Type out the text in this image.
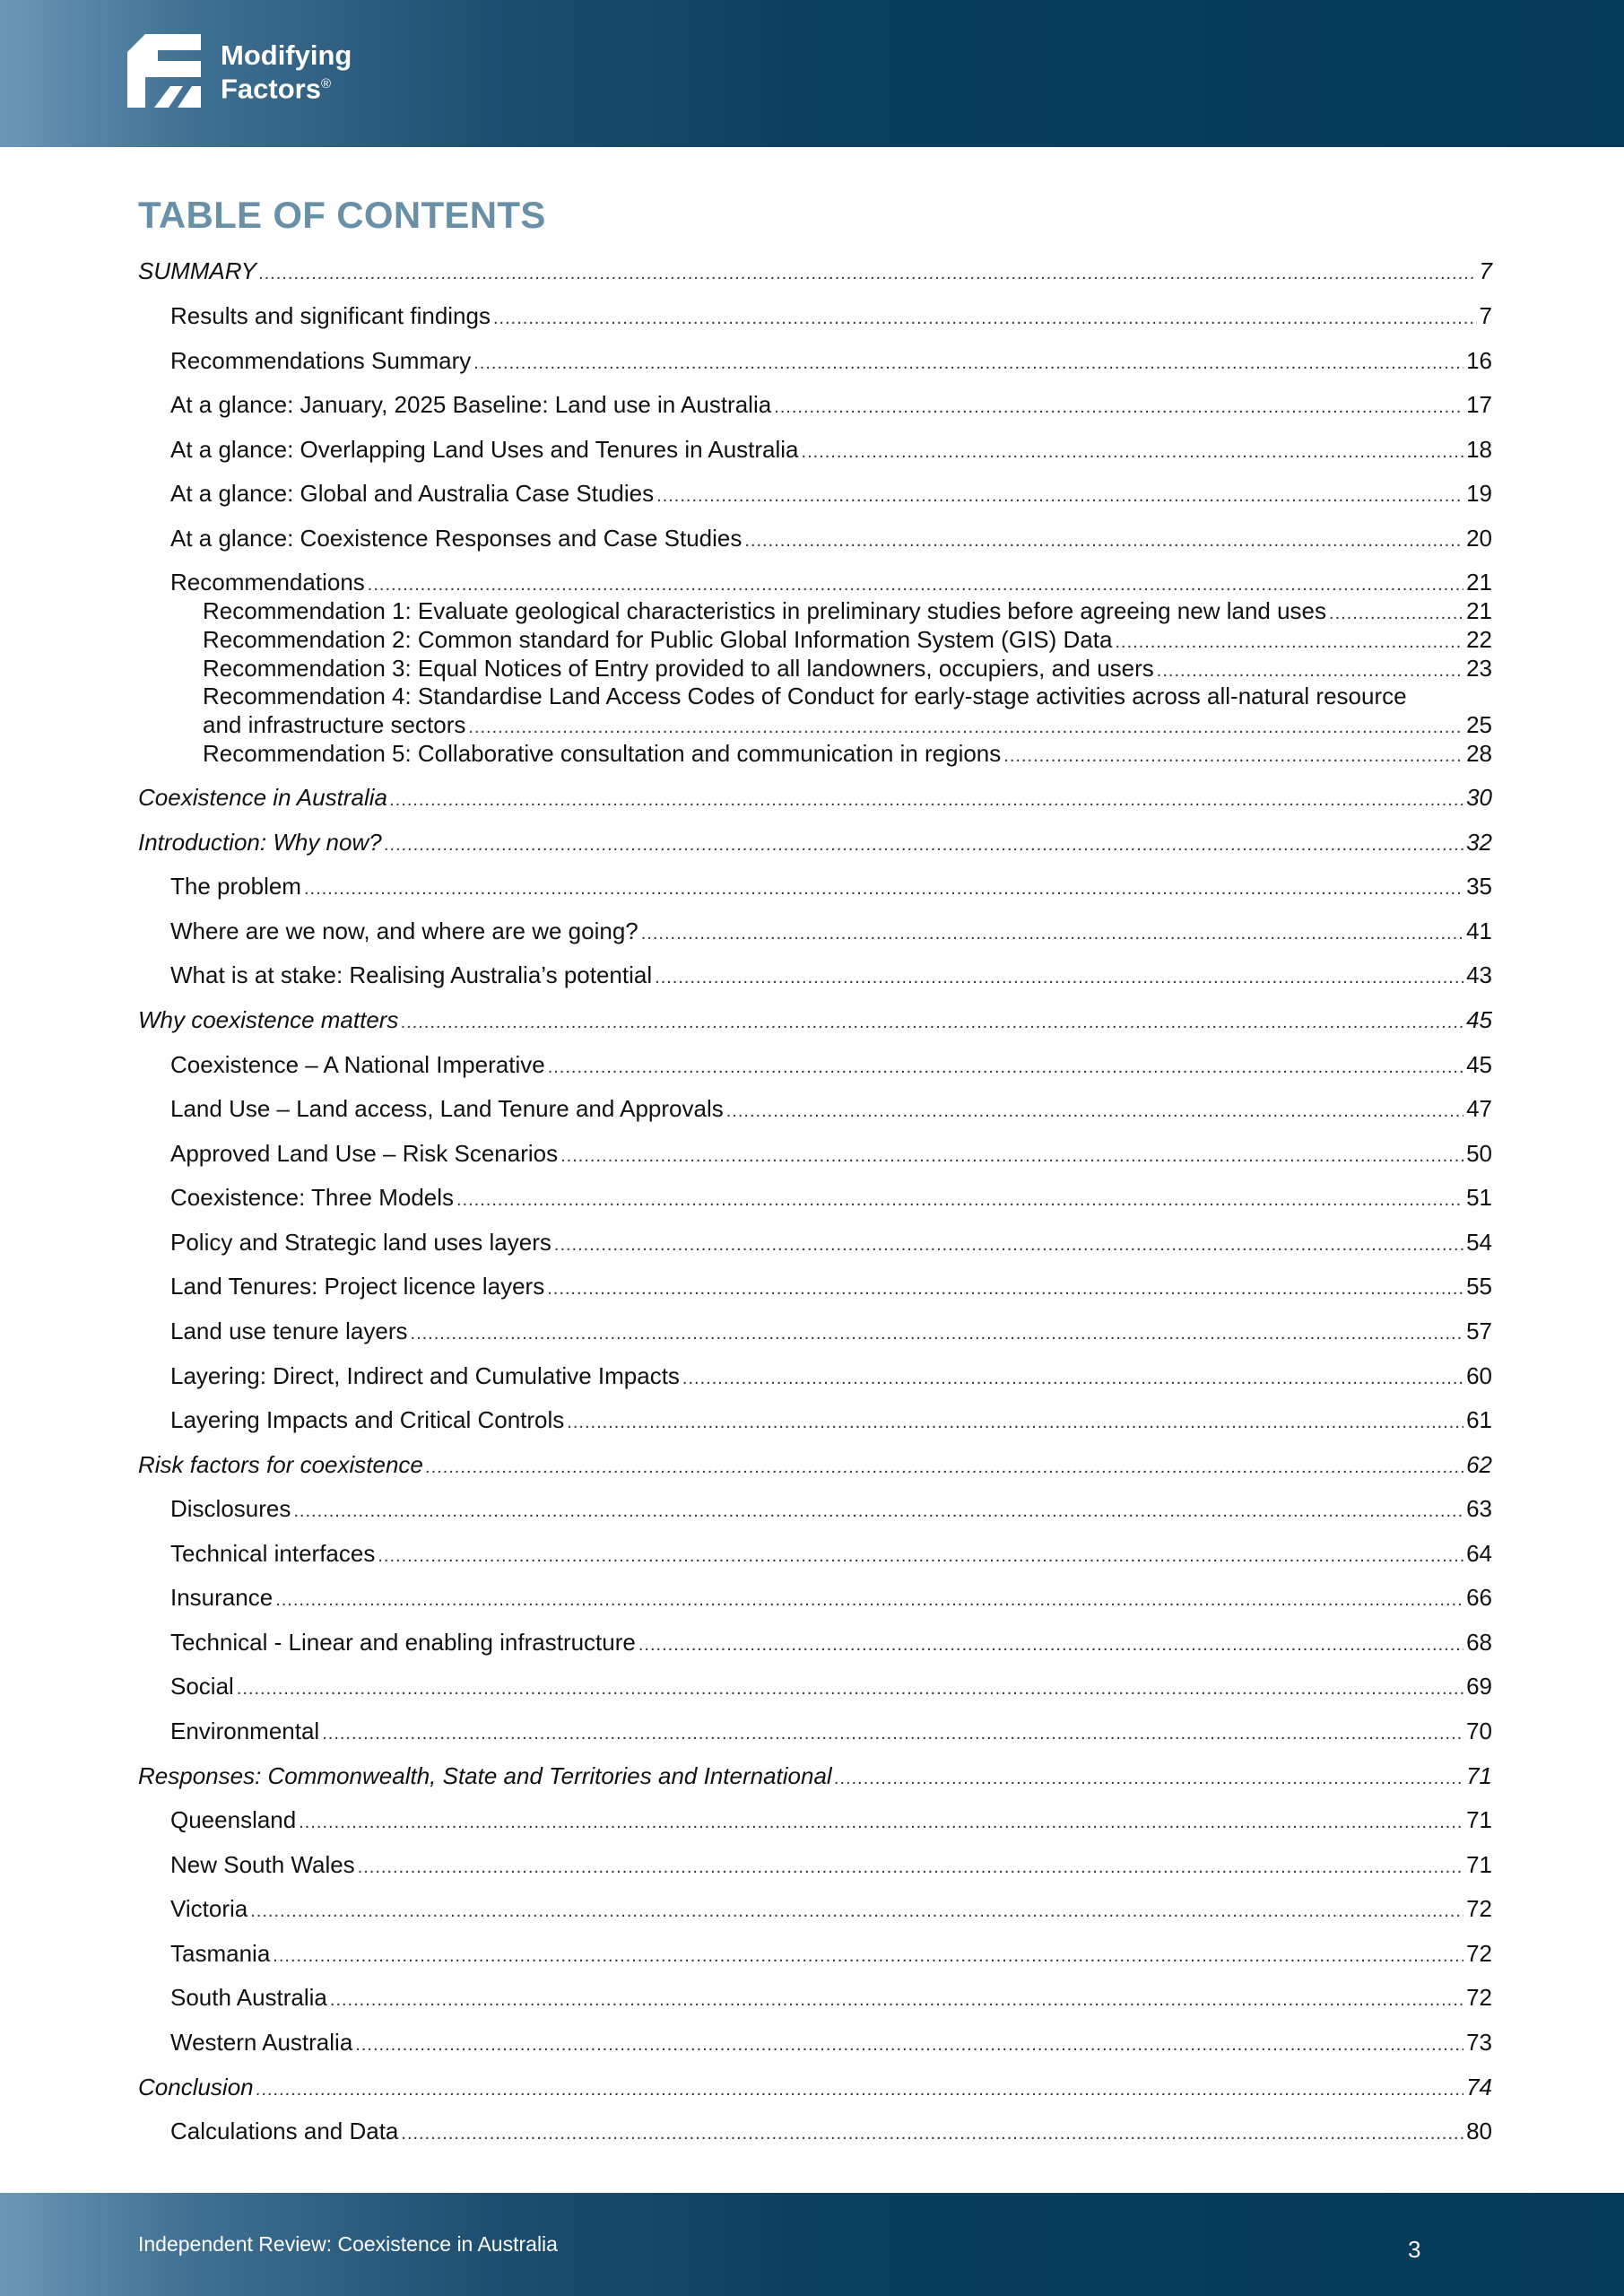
Modifying
Factors®
TABLE OF CONTENTS
SUMMARY .....	7
Results and significant findings .....	7
Recommendations Summary .....	16
At a glance: January, 2025 Baseline: Land use in Australia .....	17
At a glance: Overlapping Land Uses and Tenures in Australia .....	18
At a glance: Global and Australia Case Studies .....	19
At a glance: Coexistence Responses and Case Studies .....	20
Recommendations .....	21
Recommendation 1: Evaluate geological characteristics in preliminary studies before agreeing new land uses .....	21
Recommendation 2: Common standard for Public Global Information System (GIS) Data .....	22
Recommendation 3: Equal Notices of Entry provided to all landowners, occupiers, and users .....	23
Recommendation 4: Standardise Land Access Codes of Conduct for early-stage activities across all-natural resource
and infrastructure sectors .....	25
Recommendation 5: Collaborative consultation and communication in regions .....	28
Coexistence in Australia .....	30
Introduction: Why now? .....	32
The problem .....	35
Where are we now, and where are we going? .....	41
What is at stake: Realising Australia’s potential .....	43
Why coexistence matters .....	45
Coexistence – A National Imperative .....	45
Land Use – Land access, Land Tenure and Approvals .....	47
Approved Land Use – Risk Scenarios .....	50
Coexistence: Three Models .....	51
Policy and Strategic land uses layers .....	54
Land Tenures: Project licence layers .....	55
Land use tenure layers .....	57
Layering: Direct, Indirect and Cumulative Impacts .....	60
Layering Impacts and Critical Controls .....	61
Risk factors for coexistence .....	62
Disclosures .....	63
Technical interfaces .....	64
Insurance .....	66
Technical - Linear and enabling infrastructure .....	68
Social .....	69
Environmental .....	70
Responses: Commonwealth, State and Territories and International .....	71
Queensland .....	71
New South Wales .....	71
Victoria .....	72
Tasmania .....	72
South Australia .....	72
Western Australia .....	73
Conclusion .....	74
Calculations and Data .....	80
Independent Review: Coexistence in Australia	3
